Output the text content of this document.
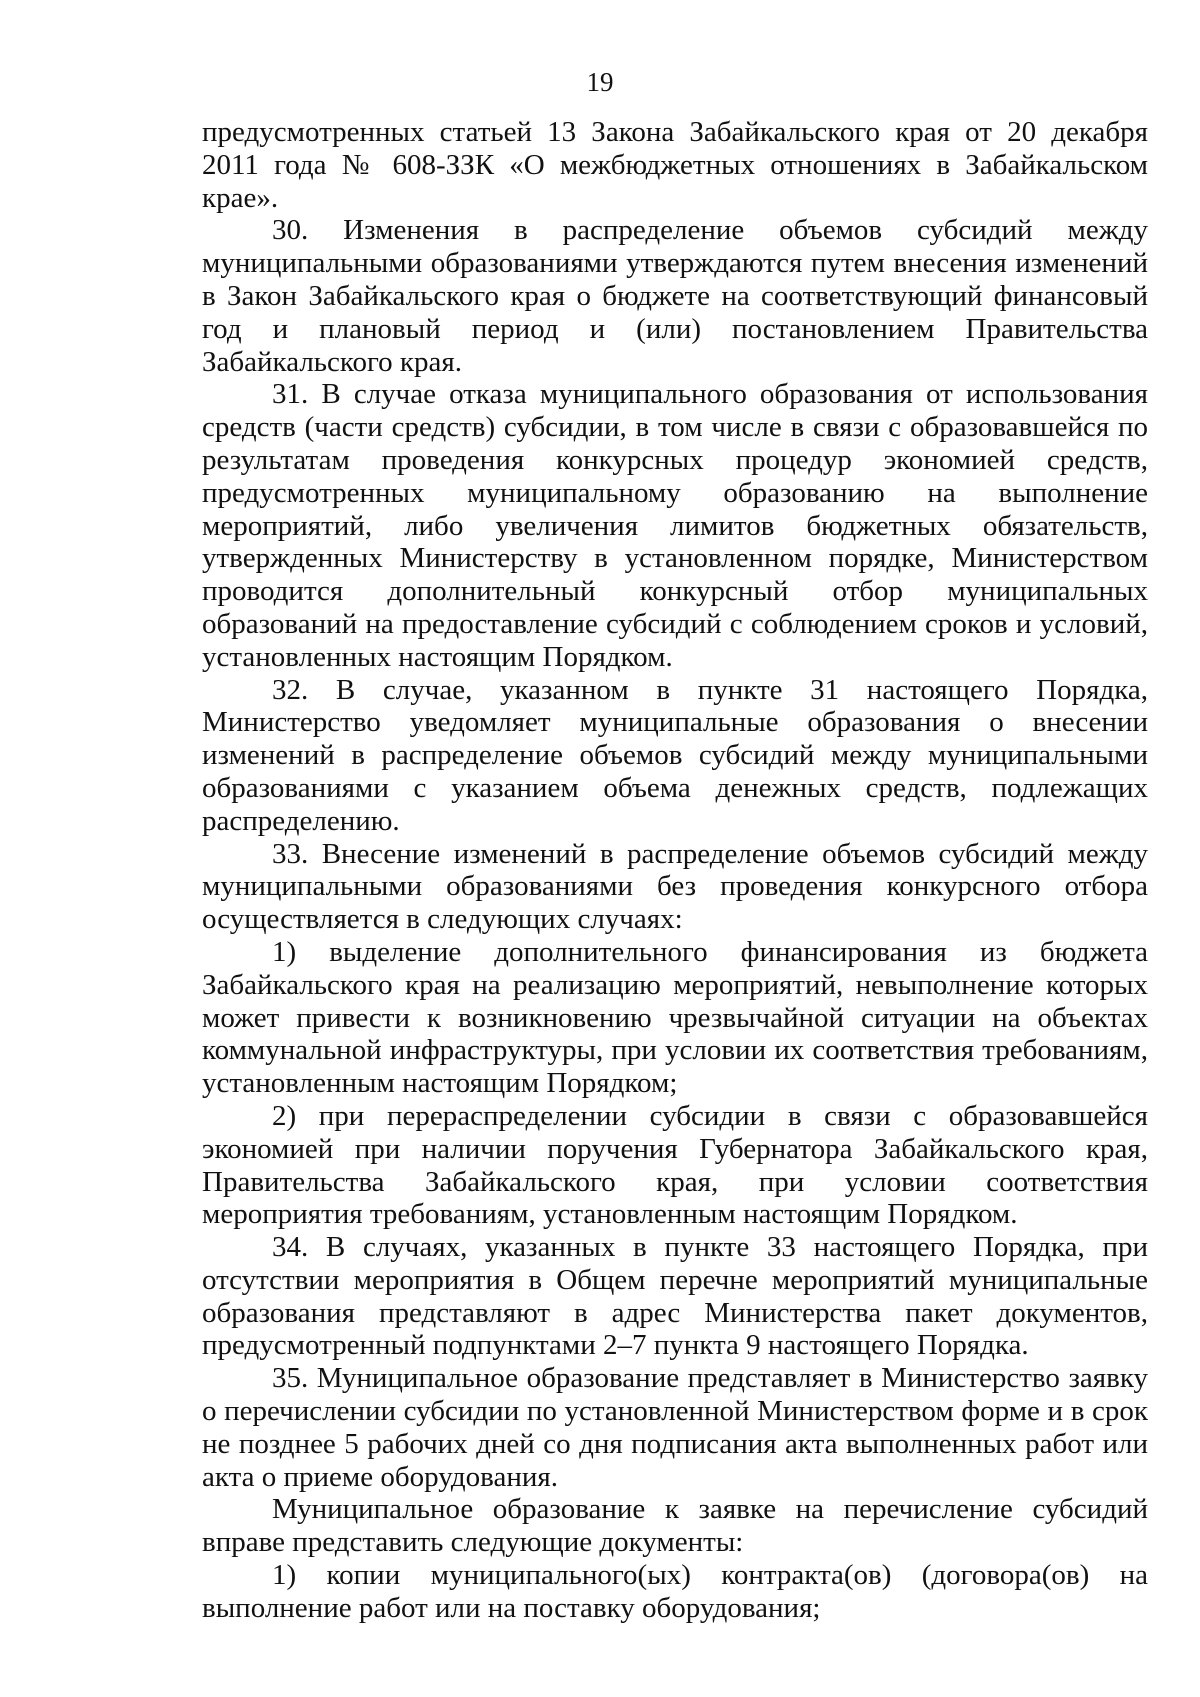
19

предусмотренных статьей 13 Закона Забайкальского края от 20 декабря 2011 года № 608-ЗЗК «О межбюджетных отношениях в Забайкальском крае».

30. Изменения в распределение объемов субсидий между муниципальными образованиями утверждаются путем внесения изменений в Закон Забайкальского края о бюджете на соответствующий финансовый год и плановый период и (или) постановлением Правительства Забайкальского края.

31. В случае отказа муниципального образования от использования средств (части средств) субсидии, в том числе в связи с образовавшейся по результатам проведения конкурсных процедур экономией средств, предусмотренных муниципальному образованию на выполнение мероприятий, либо увеличения лимитов бюджетных обязательств, утвержденных Министерству в установленном порядке, Министерством проводится дополнительный конкурсный отбор муниципальных образований на предоставление субсидий с соблюдением сроков и условий, установленных настоящим Порядком.

32. В случае, указанном в пункте 31 настоящего Порядка, Министерство уведомляет муниципальные образования о внесении изменений в распределение объемов субсидий между муниципальными образованиями с указанием объема денежных средств, подлежащих распределению.

33. Внесение изменений в распределение объемов субсидий между муниципальными образованиями без проведения конкурсного отбора осуществляется в следующих случаях:

1) выделение дополнительного финансирования из бюджета Забайкальского края на реализацию мероприятий, невыполнение которых может привести к возникновению чрезвычайной ситуации на объектах коммунальной инфраструктуры, при условии их соответствия требованиям, установленным настоящим Порядком;

2) при перераспределении субсидии в связи с образовавшейся экономией при наличии поручения Губернатора Забайкальского края, Правительства Забайкальского края, при условии соответствия мероприятия требованиям, установленным настоящим Порядком.

34. В случаях, указанных в пункте 33 настоящего Порядка, при отсутствии мероприятия в Общем перечне мероприятий муниципальные образования представляют в адрес Министерства пакет документов, предусмотренный подпунктами 2–7 пункта 9 настоящего Порядка.

35. Муниципальное образование представляет в Министерство заявку о перечислении субсидии по установленной Министерством форме и в срок не позднее 5 рабочих дней со дня подписания акта выполненных работ или акта о приеме оборудования.

Муниципальное образование к заявке на перечисление субсидий вправе представить следующие документы:

1) копии муниципального(ых) контракта(ов) (договора(ов) на выполнение работ или на поставку оборудования;
